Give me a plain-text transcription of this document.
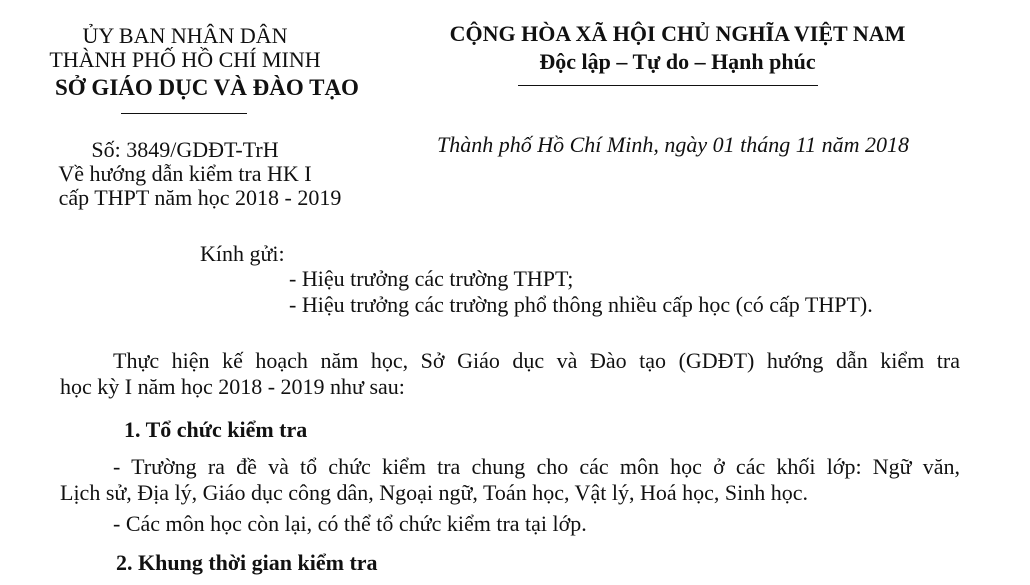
ỦY BAN NHÂN DÂN
THÀNH PHỐ HỒ CHÍ MINH
SỞ GIÁO DỤC VÀ ĐÀO TẠO
CỘNG HÒA XÃ HỘI CHỦ NGHĨA VIỆT NAM
Độc lập – Tự do – Hạnh phúc
Số: 3849/GDĐT-TrH
Về hướng dẫn kiểm tra HK I
cấp THPT năm học 2018 - 2019
Thành phố Hồ Chí Minh, ngày 01 tháng 11 năm 2018
Kính gửi:
- Hiệu trưởng các trường THPT;
- Hiệu trưởng các trường phổ thông nhiều cấp học (có cấp THPT).
Thực hiện kế hoạch năm học, Sở Giáo dục và Đào tạo (GDĐT) hướng dẫn kiểm tra
học kỳ I năm học 2018 - 2019 như sau:
1. Tổ chức kiểm tra
- Trường ra đề và tổ chức kiểm tra chung cho các môn học ở các khối lớp: Ngữ văn,
Lịch sử, Địa lý, Giáo dục công dân, Ngoại ngữ, Toán học, Vật lý, Hoá học, Sinh học.
- Các môn học còn lại, có thể tổ chức kiểm tra tại lớp.
2. Khung thời gian kiểm tra
